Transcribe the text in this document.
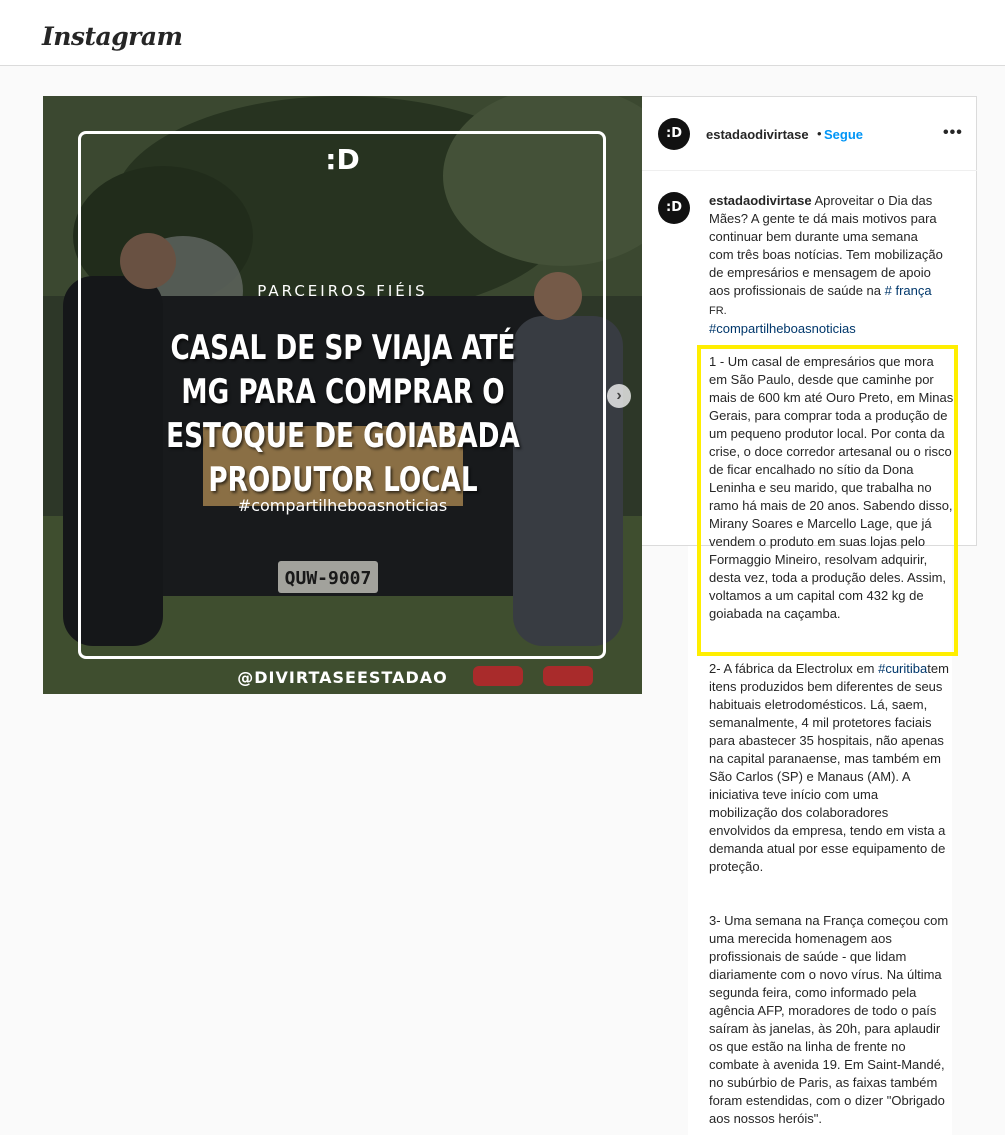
Instagram
QUW-9007
:D
PARCEIROS FIÉIS
CASAL DE SP VIAJA ATÉ MG PARA COMPRAR O ESTOQUE DE GOIABADA PRODUTOR LOCAL
#compartilheboasnoticias
@DIVIRTASEESTADAO
›
:D	estadaodivirtase • Segue	•••
:D	estadaodivirtase Aproveitar o Dia das Mães? A gente te dá mais motivos para continuar bem durante uma semana com três boas notícias. Tem mobilização de empresários e mensagem de apoio aos profissionais de saúde na # frança FR.
#compartilheboasnoticias

1 - Um casal de empresários que mora em São Paulo, desde que caminhe por mais de 600 km até Ouro Preto, em Minas Gerais, para comprar toda a produção de um pequeno produtor local. Por conta da crise, o doce corredor artesanal ou o risco de ficar encalhado no sítio da Dona Leninha e seu marido, que trabalha no ramo há mais de 20 anos. Sabendo disso, Mirany Soares e Marcello Lage, que já vendem o produto em suas lojas pelo Formaggio Mineiro, resolvam adquirir, desta vez, toda a produção deles. Assim, voltamos a um capital com 432 kg de goiabada na caçamba.

2- A fábrica da Electrolux em #curitibatem itens produzidos bem diferentes de seus habituais eletrodomésticos. Lá, saem, semanalmente, 4 mil protetores faciais para abastecer 35 hospitais, não apenas na capital paranaense, mas também em São Carlos (SP) e Manaus (AM). A iniciativa teve início com uma mobilização dos colaboradores envolvidos da empresa, tendo em vista a demanda atual por esse equipamento de proteção.
3- Uma semana na França começou com uma merecida homenagem aos profissionais de saúde - que lidam diariamente com o novo vírus. Na última segunda feira, como informado pela agência AFP, moradores de todo o país saíram às janelas, às 20h, para aplaudir os que estão na linha de frente no combate à avenida 19. Em Saint-Mandé, no subúrbio de Paris, as faixas também foram estendidas, com o dizer "Obrigado aos nossos heróis".
